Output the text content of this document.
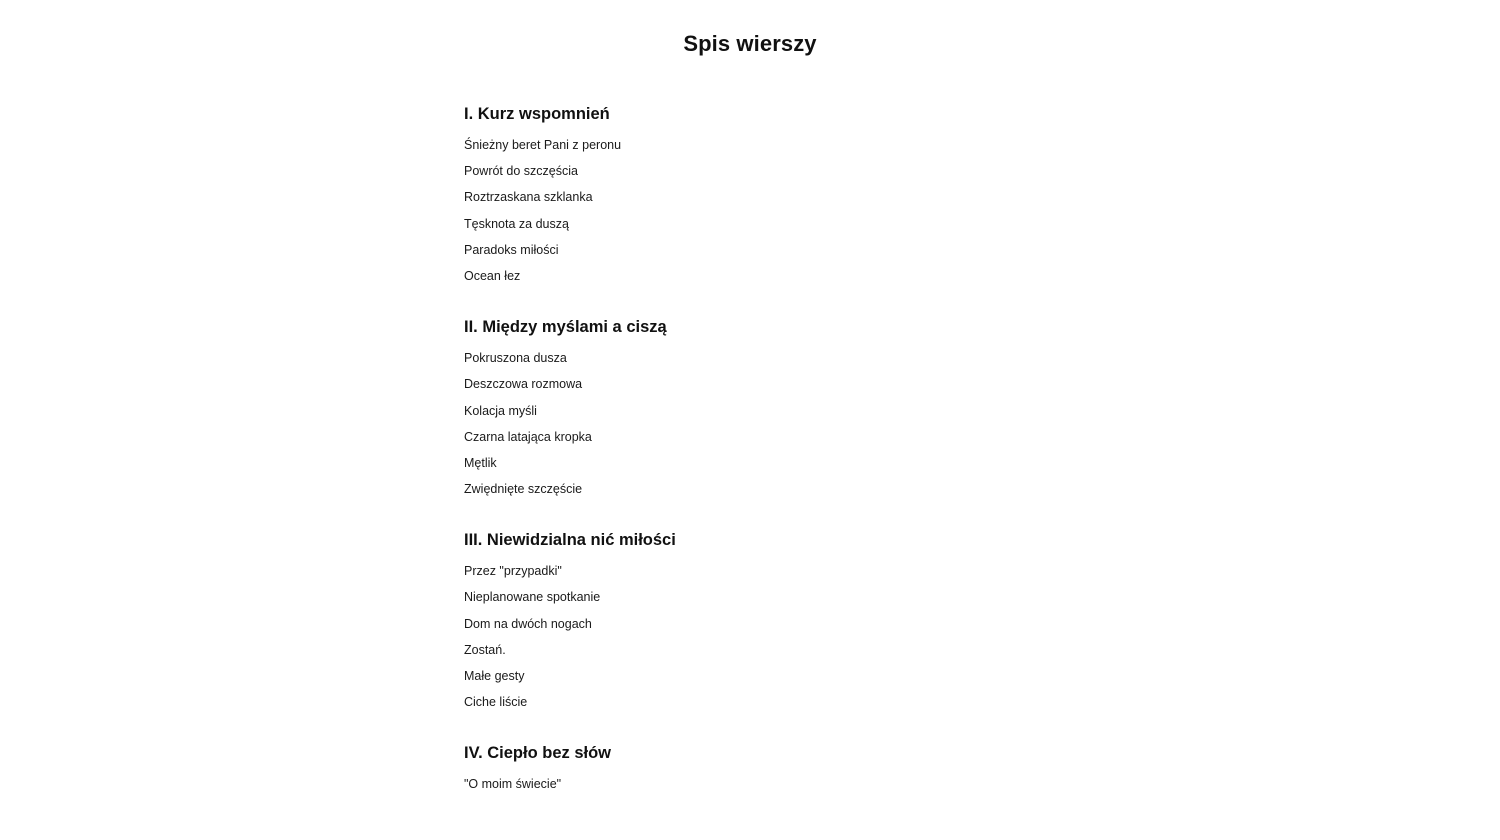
Spis wierszy
I. Kurz wspomnień
Śnieżny beret Pani z peronu
Powrót do szczęścia
Roztrzaskana szklanka
Tęsknota za duszą
Paradoks miłości
Ocean łez
II. Między myślami a ciszą
Pokruszona dusza
Deszczowa rozmowa
Kolacja myśli
Czarna latająca kropka
Mętlik
Zwiędnięte szczęście
III. Niewidzialna nić miłości
Przez "przypadki"
Nieplanowane spotkanie
Dom na dwóch nogach
Zostań.
Małe gesty
Ciche liście
IV. Ciepło bez słów
"O moim świecie"
